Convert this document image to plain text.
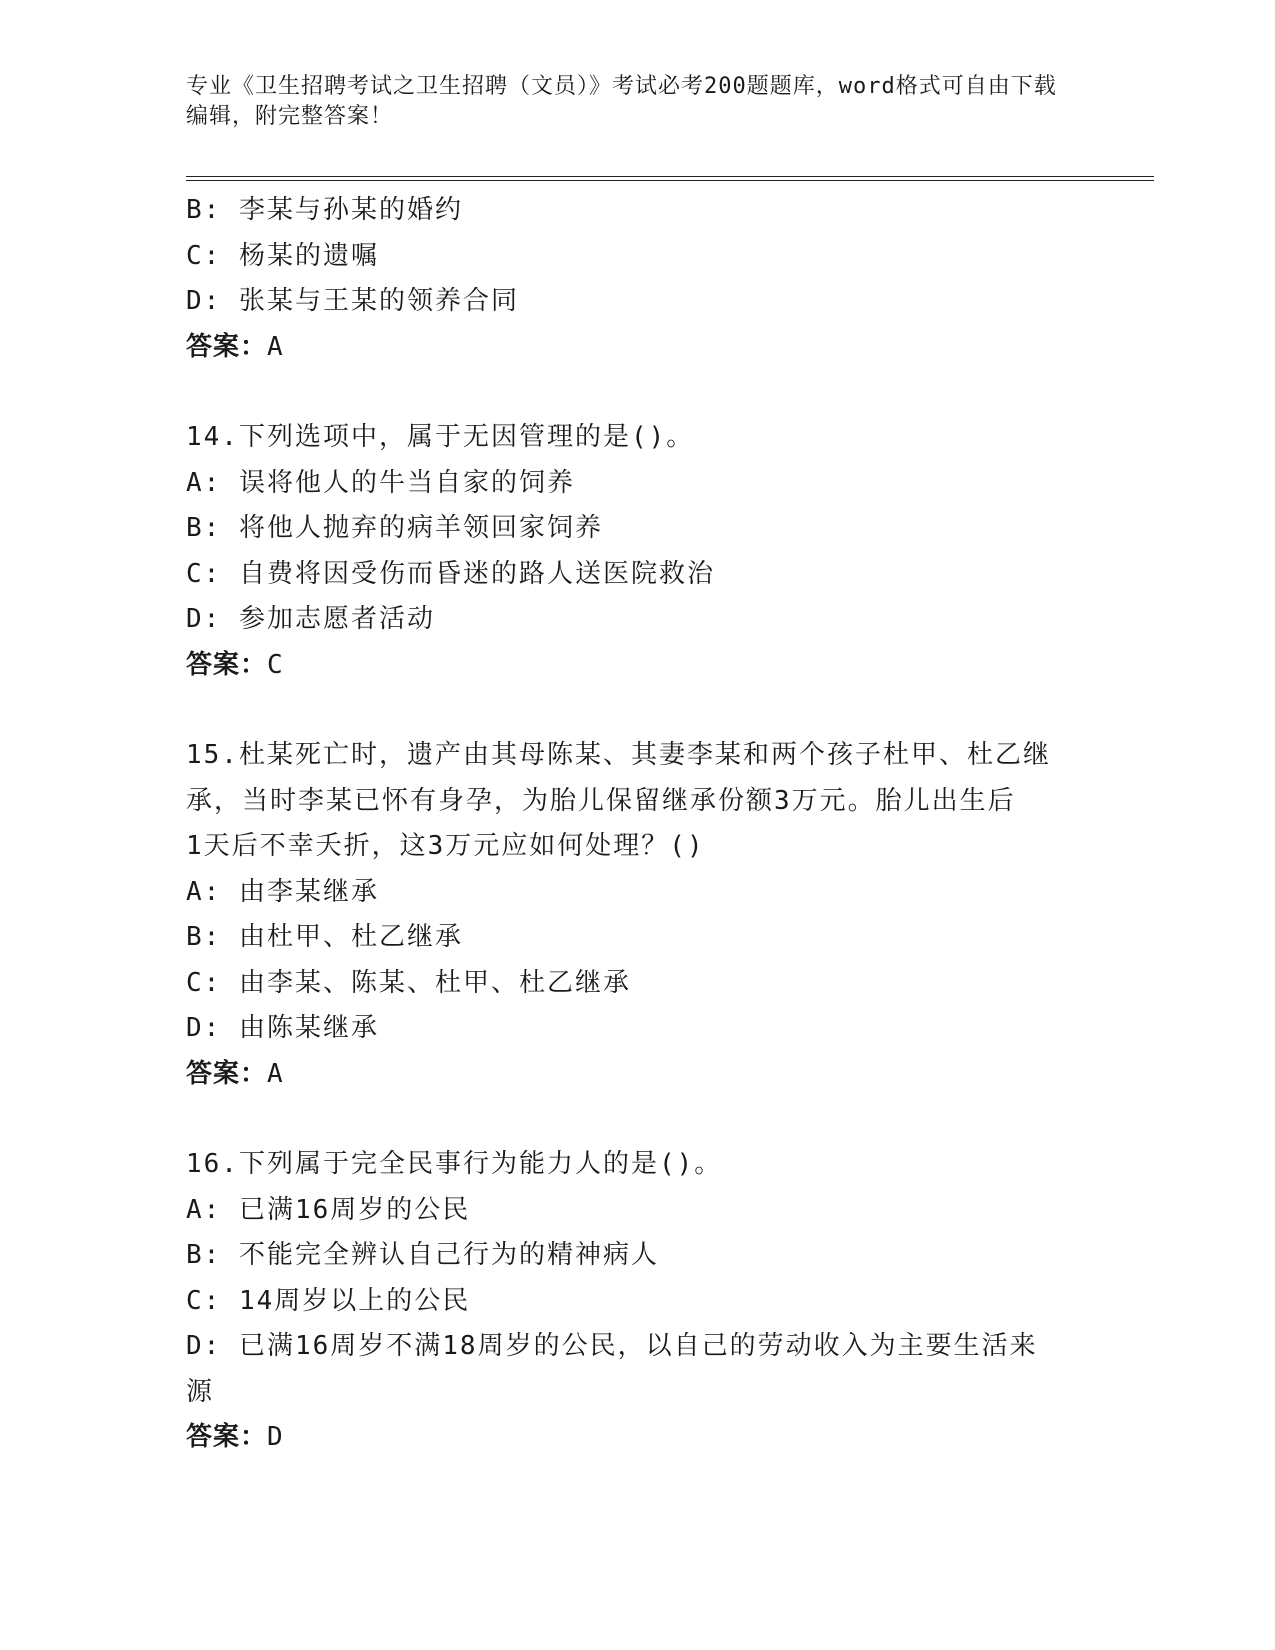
专业《卫生招聘考试之卫生招聘（文员）》考试必考200题题库，word格式可自由下载编辑，附完整答案！
B: 李某与孙某的婚约
C: 杨某的遗嘱
D: 张某与王某的领养合同
答案：A
14.下列选项中，属于无因管理的是()。
A: 误将他人的牛当自家的饲养
B: 将他人抛弃的病羊领回家饲养
C: 自费将因受伤而昏迷的路人送医院救治
D: 参加志愿者活动
答案：C
15.杜某死亡时，遗产由其母陈某、其妻李某和两个孩子杜甲、杜乙继
承，当时李某已怀有身孕，为胎儿保留继承份额3万元。胎儿出生后
1天后不幸夭折，这3万元应如何处理？()
A: 由李某继承
B: 由杜甲、杜乙继承
C: 由李某、陈某、杜甲、杜乙继承
D: 由陈某继承
答案：A
16.下列属于完全民事行为能力人的是()。
A: 已满16周岁的公民
B: 不能完全辨认自己行为的精神病人
C: 14周岁以上的公民
D: 已满16周岁不满18周岁的公民，以自己的劳动收入为主要生活来
源
答案：D
